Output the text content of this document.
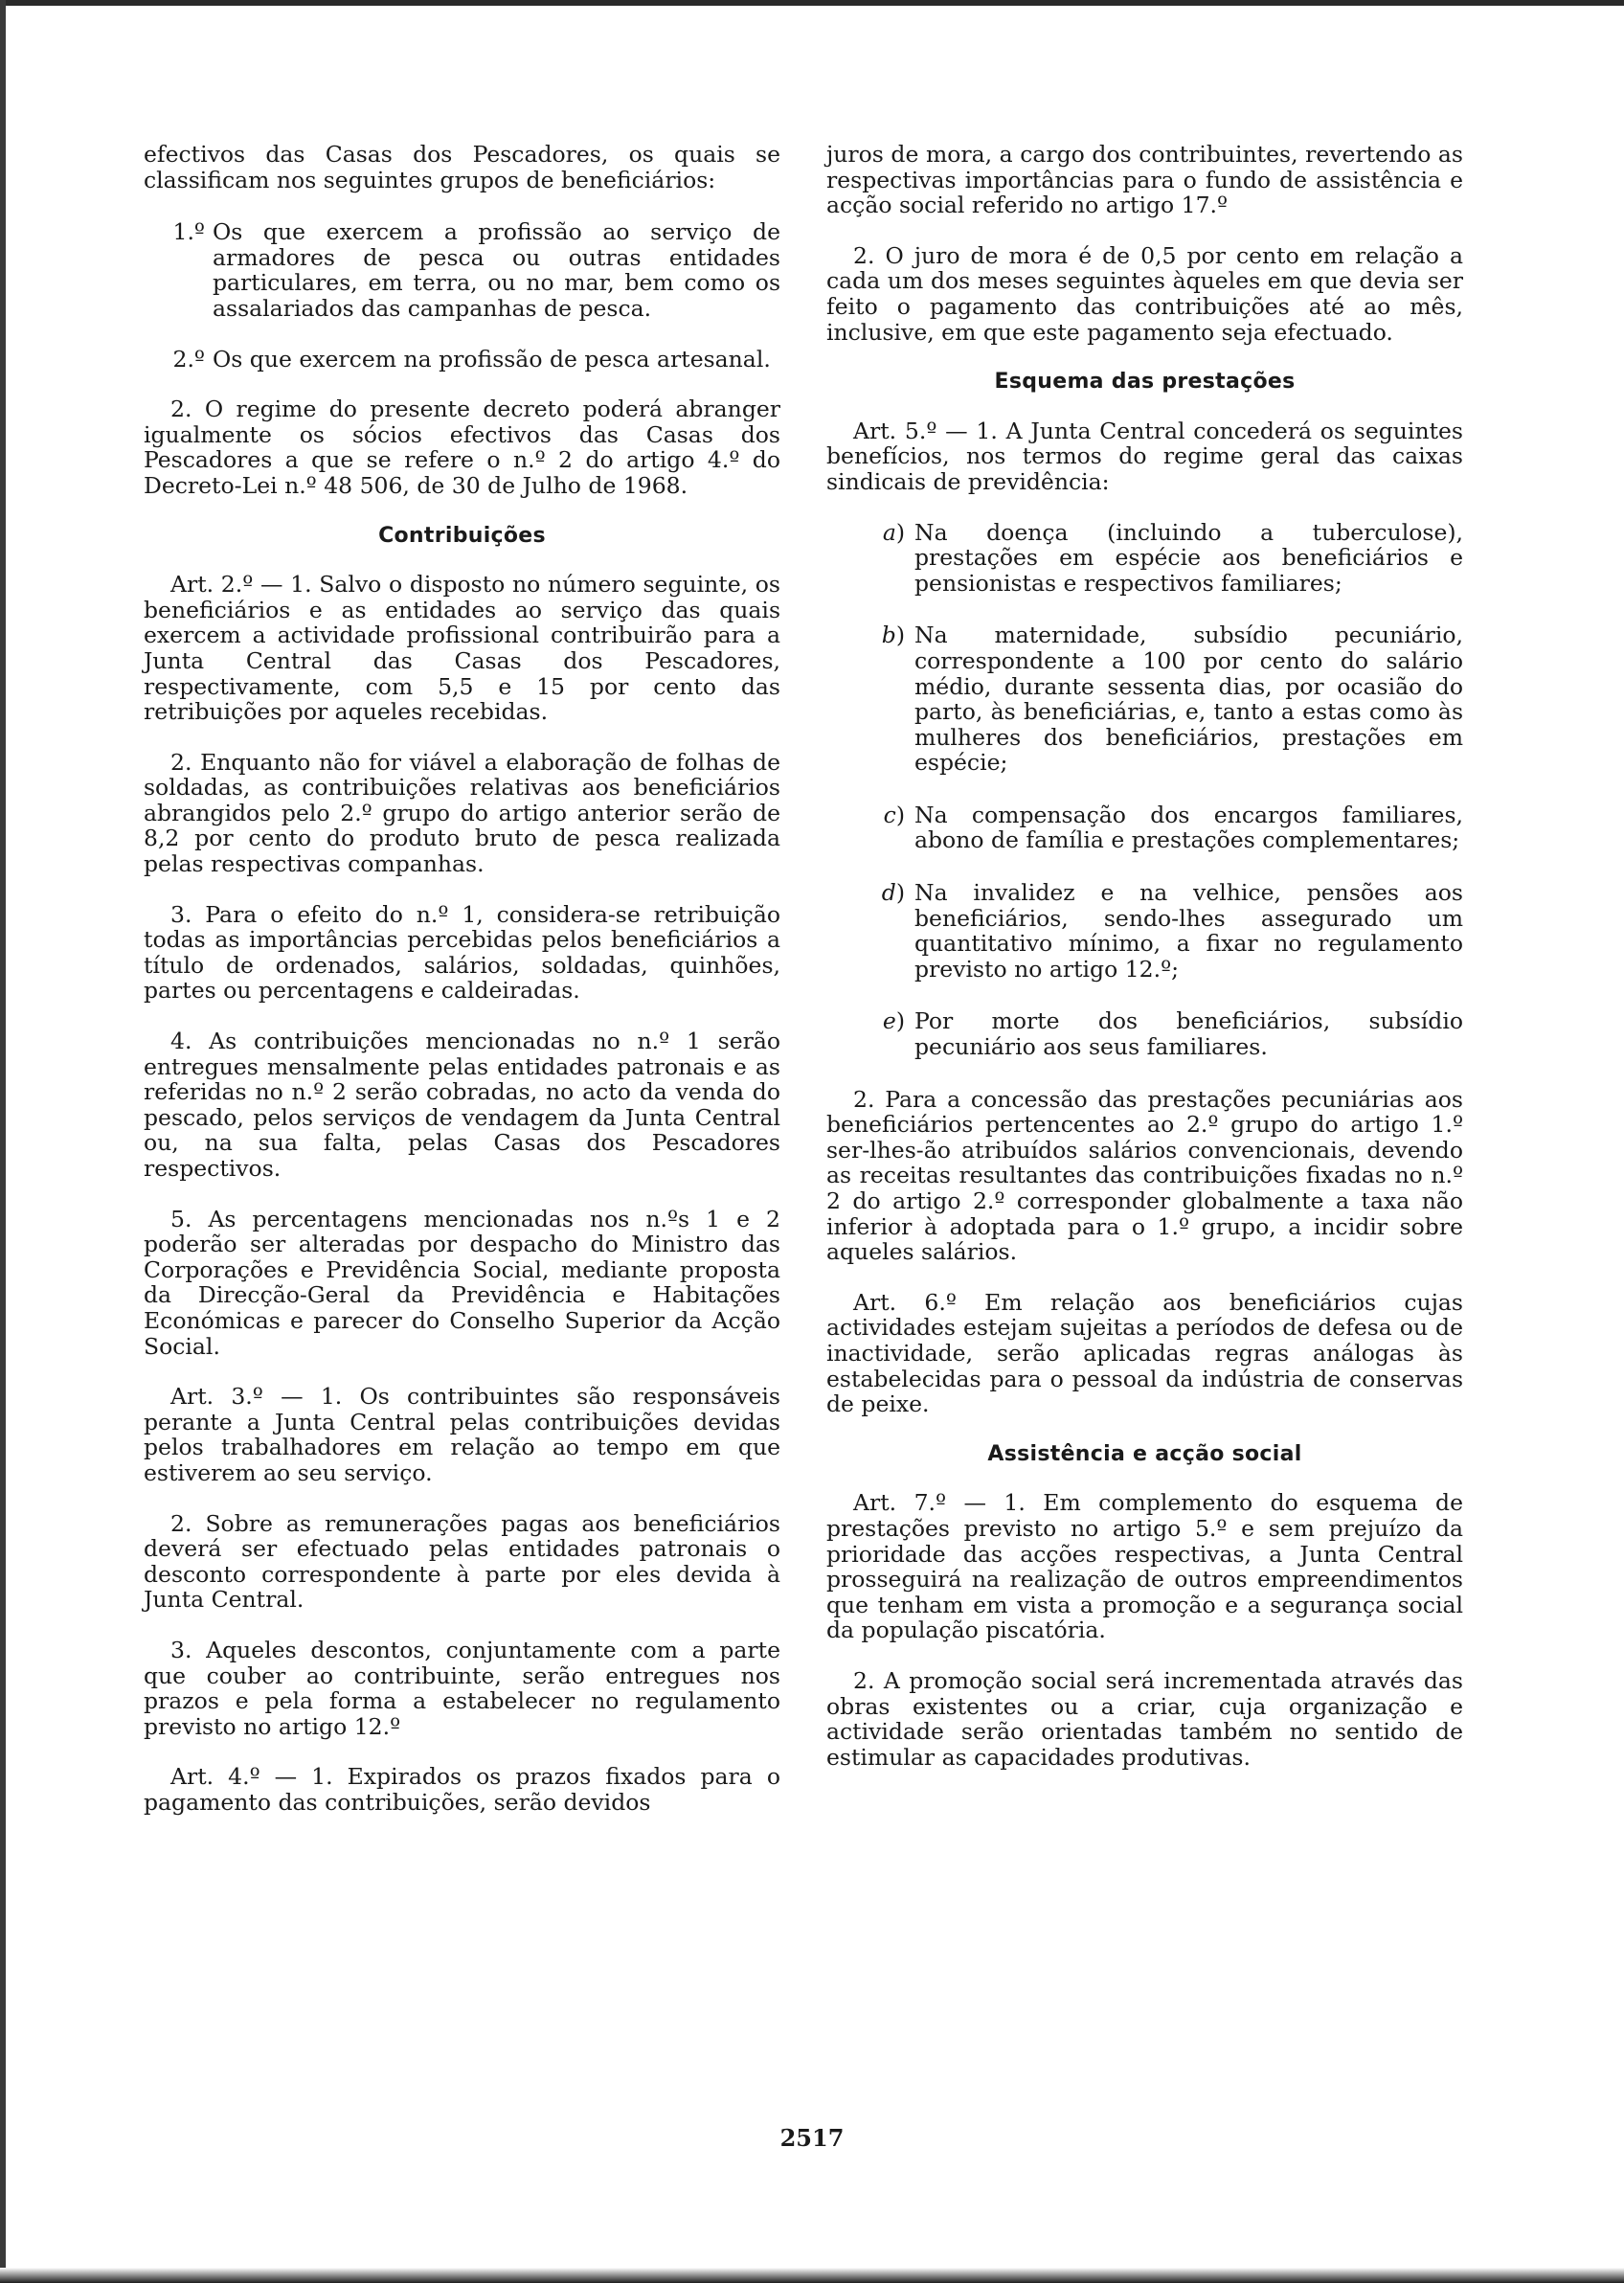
efectivos das Casas dos Pescadores, os quais se classificam nos seguintes grupos de beneficiários:

1.º Os que exercem a profissão ao serviço de armadores de pesca ou outras entidades particulares, em terra, ou no mar, bem como os assalariados das campanhas de pesca.
2.º Os que exercem na profissão de pesca artesanal.

2. O regime do presente decreto poderá abranger igualmente os sócios efectivos das Casas dos Pescadores a que se refere o n.º 2 do artigo 4.º do Decreto-Lei n.º 48 506, de 30 de Julho de 1968.

Contribuições

Art. 2.º — 1. Salvo o disposto no número seguinte, os beneficiários e as entidades ao serviço das quais exercem a actividade profissional contribuirão para a Junta Central das Casas dos Pescadores, respectivamente, com 5,5 e 15 por cento das retribuições por aqueles recebidas.

2. Enquanto não for viável a elaboração de folhas de soldadas, as contribuições relativas aos beneficiários abrangidos pelo 2.º grupo do artigo anterior serão de 8,2 por cento do produto bruto de pesca realizada pelas respectivas companhas.

3. Para o efeito do n.º 1, considera-se retribuição todas as importâncias percebidas pelos beneficiários a título de ordenados, salários, soldadas, quinhões, partes ou percentagens e caldeiradas.

4. As contribuições mencionadas no n.º 1 serão entregues mensalmente pelas entidades patronais e as referidas no n.º 2 serão cobradas, no acto da venda do pescado, pelos serviços de vendagem da Junta Central ou, na sua falta, pelas Casas dos Pescadores respectivos.

5. As percentagens mencionadas nos n.ºs 1 e 2 poderão ser alteradas por despacho do Ministro das Corporações e Previdência Social, mediante proposta da Direcção-Geral da Previdência e Habitações Económicas e parecer do Conselho Superior da Acção Social.

Art. 3.º — 1. Os contribuintes são responsáveis perante a Junta Central pelas contribuições devidas pelos trabalhadores em relação ao tempo em que estiverem ao seu serviço.

2. Sobre as remunerações pagas aos beneficiários deverá ser efectuado pelas entidades patronais o desconto correspondente à parte por eles devida à Junta Central.

3. Aqueles descontos, conjuntamente com a parte que couber ao contribuinte, serão entregues nos prazos e pela forma a estabelecer no regulamento previsto no artigo 12.º

Art. 4.º — 1. Expirados os prazos fixados para o pagamento das contribuições, serão devidos

juros de mora, a cargo dos contribuintes, revertendo as respectivas importâncias para o fundo de assistência e acção social referido no artigo 17.º

2. O juro de mora é de 0,5 por cento em relação a cada um dos meses seguintes àqueles em que devia ser feito o pagamento das contribuições até ao mês, inclusive, em que este pagamento seja efectuado.

Esquema das prestações

Art. 5.º — 1. A Junta Central concederá os seguintes benefícios, nos termos do regime geral das caixas sindicais de previdência:

a) Na doença (incluindo a tuberculose), prestações em espécie aos beneficiários e pensionistas e respectivos familiares;
b) Na maternidade, subsídio pecuniário, correspondente a 100 por cento do salário médio, durante sessenta dias, por ocasião do parto, às beneficiárias, e, tanto a estas como às mulheres dos beneficiários, prestações em espécie;
c) Na compensação dos encargos familiares, abono de família e prestações complementares;
d) Na invalidez e na velhice, pensões aos beneficiários, sendo-lhes assegurado um quantitativo mínimo, a fixar no regulamento previsto no artigo 12.º;
e) Por morte dos beneficiários, subsídio pecuniário aos seus familiares.

2. Para a concessão das prestações pecuniárias aos beneficiários pertencentes ao 2.º grupo do artigo 1.º ser-lhes-ão atribuídos salários convencionais, devendo as receitas resultantes das contribuições fixadas no n.º 2 do artigo 2.º corresponder globalmente a taxa não inferior à adoptada para o 1.º grupo, a incidir sobre aqueles salários.

Art. 6.º Em relação aos beneficiários cujas actividades estejam sujeitas a períodos de defesa ou de inactividade, serão aplicadas regras análogas às estabelecidas para o pessoal da indústria de conservas de peixe.

Assistência e acção social

Art. 7.º — 1. Em complemento do esquema de prestações previsto no artigo 5.º e sem prejuízo da prioridade das acções respectivas, a Junta Central prosseguirá na realização de outros empreendimentos que tenham em vista a promoção e a segurança social da população piscatória.

2. A promoção social será incrementada através das obras existentes ou a criar, cuja organização e actividade serão orientadas também no sentido de estimular as capacidades produtivas.

2517
